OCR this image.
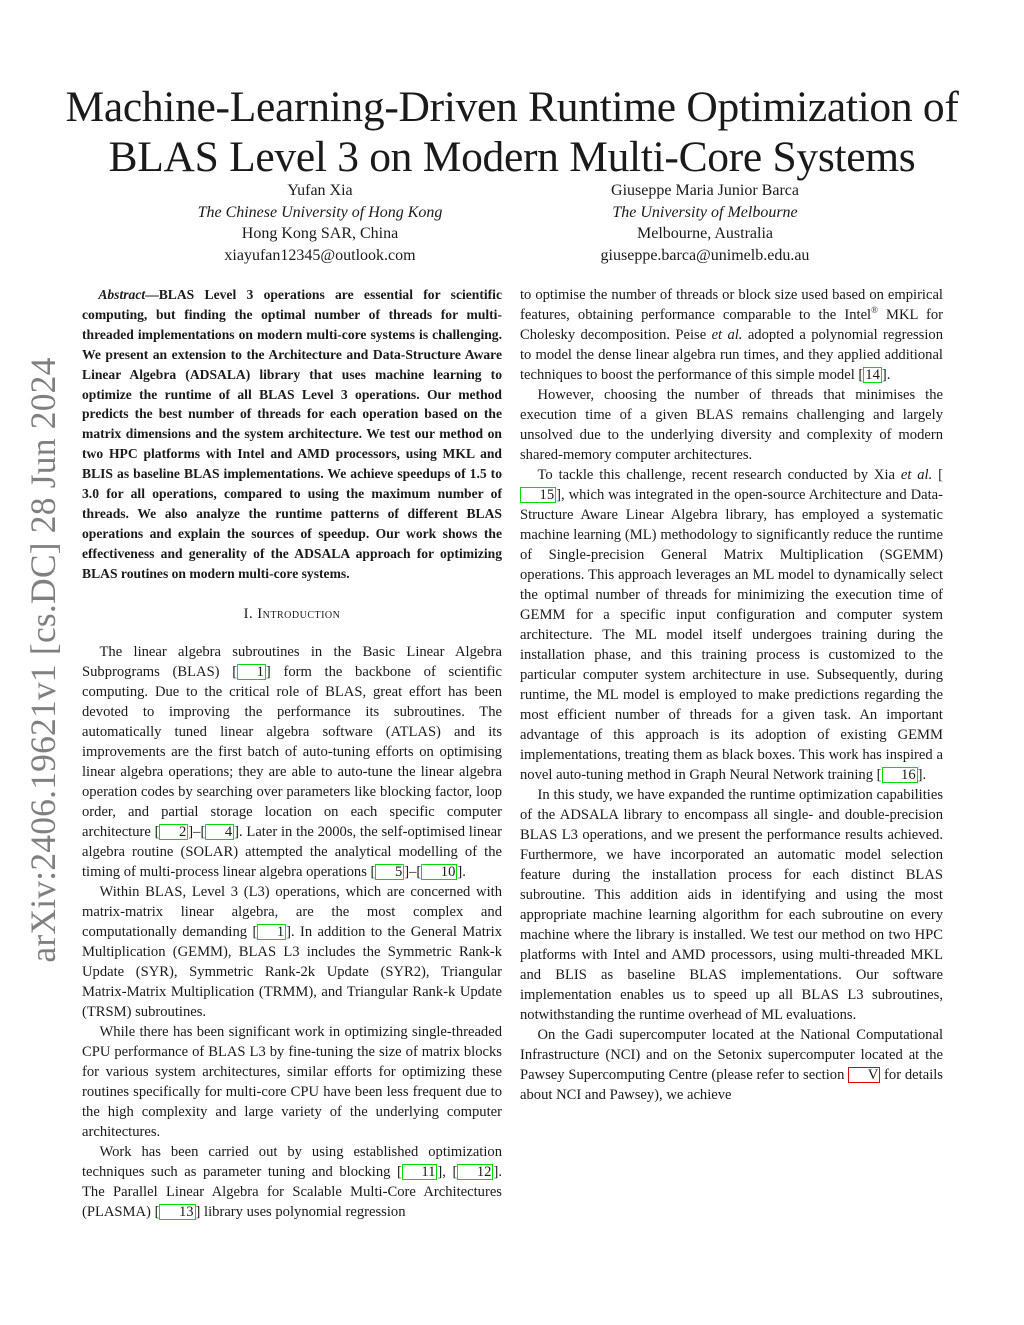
arXiv:2406.19621v1 [cs.DC] 28 Jun 2024
Machine-Learning-Driven Runtime Optimization of
BLAS Level 3 on Modern Multi-Core Systems
Yufan Xia
The Chinese University of Hong Kong
Hong Kong SAR, China
xiayufan12345@outlook.com
Giuseppe Maria Junior Barca
The University of Melbourne
Melbourne, Australia
giuseppe.barca@unimelb.edu.au

Abstract—BLAS Level 3 operations are essential for scientific computing, but finding the optimal number of threads for multi-threaded implementations on modern multi-core systems is challenging. We present an extension to the Architecture and Data-Structure Aware Linear Algebra (ADSALA) library that uses machine learning to optimize the runtime of all BLAS Level 3 operations. Our method predicts the best number of threads for each operation based on the matrix dimensions and the system architecture. We test our method on two HPC platforms with Intel and AMD processors, using MKL and BLIS as baseline BLAS implementations. We achieve speedups of 1.5 to 3.0 for all operations, compared to using the maximum number of threads. We also analyze the runtime patterns of different BLAS operations and explain the sources of speedup. Our work shows the effectiveness and generality of the ADSALA approach for optimizing BLAS routines on modern multi-core systems.

I. Introduction

The linear algebra subroutines in the Basic Linear Algebra Subprograms (BLAS) [ 1 ] form the backbone of scientific computing. Due to the critical role of BLAS, great effort has been devoted to improving the performance its subroutines. The automatically tuned linear algebra software (ATLAS) and its improvements are the first batch of auto-tuning efforts on optimising linear algebra operations; they are able to auto-tune the linear algebra operation codes by searching over parameters like blocking factor, loop order, and partial storage location on each specific computer architecture [ 2 ]–[ 4 ]. Later in the 2000s, the self-optimised linear algebra routine (SOLAR) attempted the analytical modelling of the timing of multi-process linear algebra operations [ 5 ]–[ 10 ].

Within BLAS, Level 3 (L3) operations, which are concerned with matrix-matrix linear algebra, are the most complex and computationally demanding [ 1 ]. In addition to the General Matrix Multiplication (GEMM), BLAS L3 includes the Symmetric Rank-k Update (SYR), Symmetric Rank-2k Update (SYR2), Triangular Matrix-Matrix Multiplication (TRMM), and Triangular Rank-k Update (TRSM) subroutines.

While there has been significant work in optimizing single-threaded CPU performance of BLAS L3 by fine-tuning the size of matrix blocks for various system architectures, similar efforts for optimizing these routines specifically for multi-core CPU have been less frequent due to the high complexity and large variety of the underlying computer architectures.

Work has been carried out by using established optimization techniques such as parameter tuning and blocking [ 11 ], [ 12 ]. The Parallel Linear Algebra for Scalable Multi-Core Architectures (PLASMA) [ 13 ] library uses polynomial regression

to optimise the number of threads or block size used based on empirical features, obtaining performance comparable to the Intel® MKL for Cholesky decomposition. Peise et al. adopted a polynomial regression to model the dense linear algebra run times, and they applied additional techniques to boost the performance of this simple model [ 14 ].

However, choosing the number of threads that minimises the execution time of a given BLAS remains challenging and largely unsolved due to the underlying diversity and complexity of modern shared-memory computer architectures.

To tackle this challenge, recent research conducted by Xia et al. [15 ], which was integrated in the open-source Architecture and Data-Structure Aware Linear Algebra library, has employed a systematic machine learning (ML) methodology to significantly reduce the runtime of Single-precision General Matrix Multiplication (SGEMM) operations. This approach leverages an ML model to dynamically select the optimal number of threads for minimizing the execution time of GEMM for a specific input configuration and computer system architecture. The ML model itself undergoes training during the installation phase, and this training process is customized to the particular computer system architecture in use. Subsequently, during runtime, the ML model is employed to make predictions regarding the most efficient number of threads for a given task. An important advantage of this approach is its adoption of existing GEMM implementations, treating them as black boxes. This work has inspired a novel auto-tuning method in Graph Neural Network training [ 16 ].

In this study, we have expanded the runtime optimization capabilities of the ADSALA library to encompass all single- and double-precision BLAS L3 operations, and we present the performance results achieved. Furthermore, we have incorporated an automatic model selection feature during the installation process for each distinct BLAS subroutine. This addition aids in identifying and using the most appropriate machine learning algorithm for each subroutine on every machine where the library is installed. We test our method on two HPC platforms with Intel and AMD processors, using multi-threaded MKL and BLIS as baseline BLAS implementations. Our software implementation enables us to speed up all BLAS L3 subroutines, notwithstanding the runtime overhead of ML evaluations.

On the Gadi supercomputer located at the National Computational Infrastructure (NCI) and on the Setonix supercomputer located at the Pawsey Supercomputing Centre (please refer to section V for details about NCI and Pawsey), we achieve
